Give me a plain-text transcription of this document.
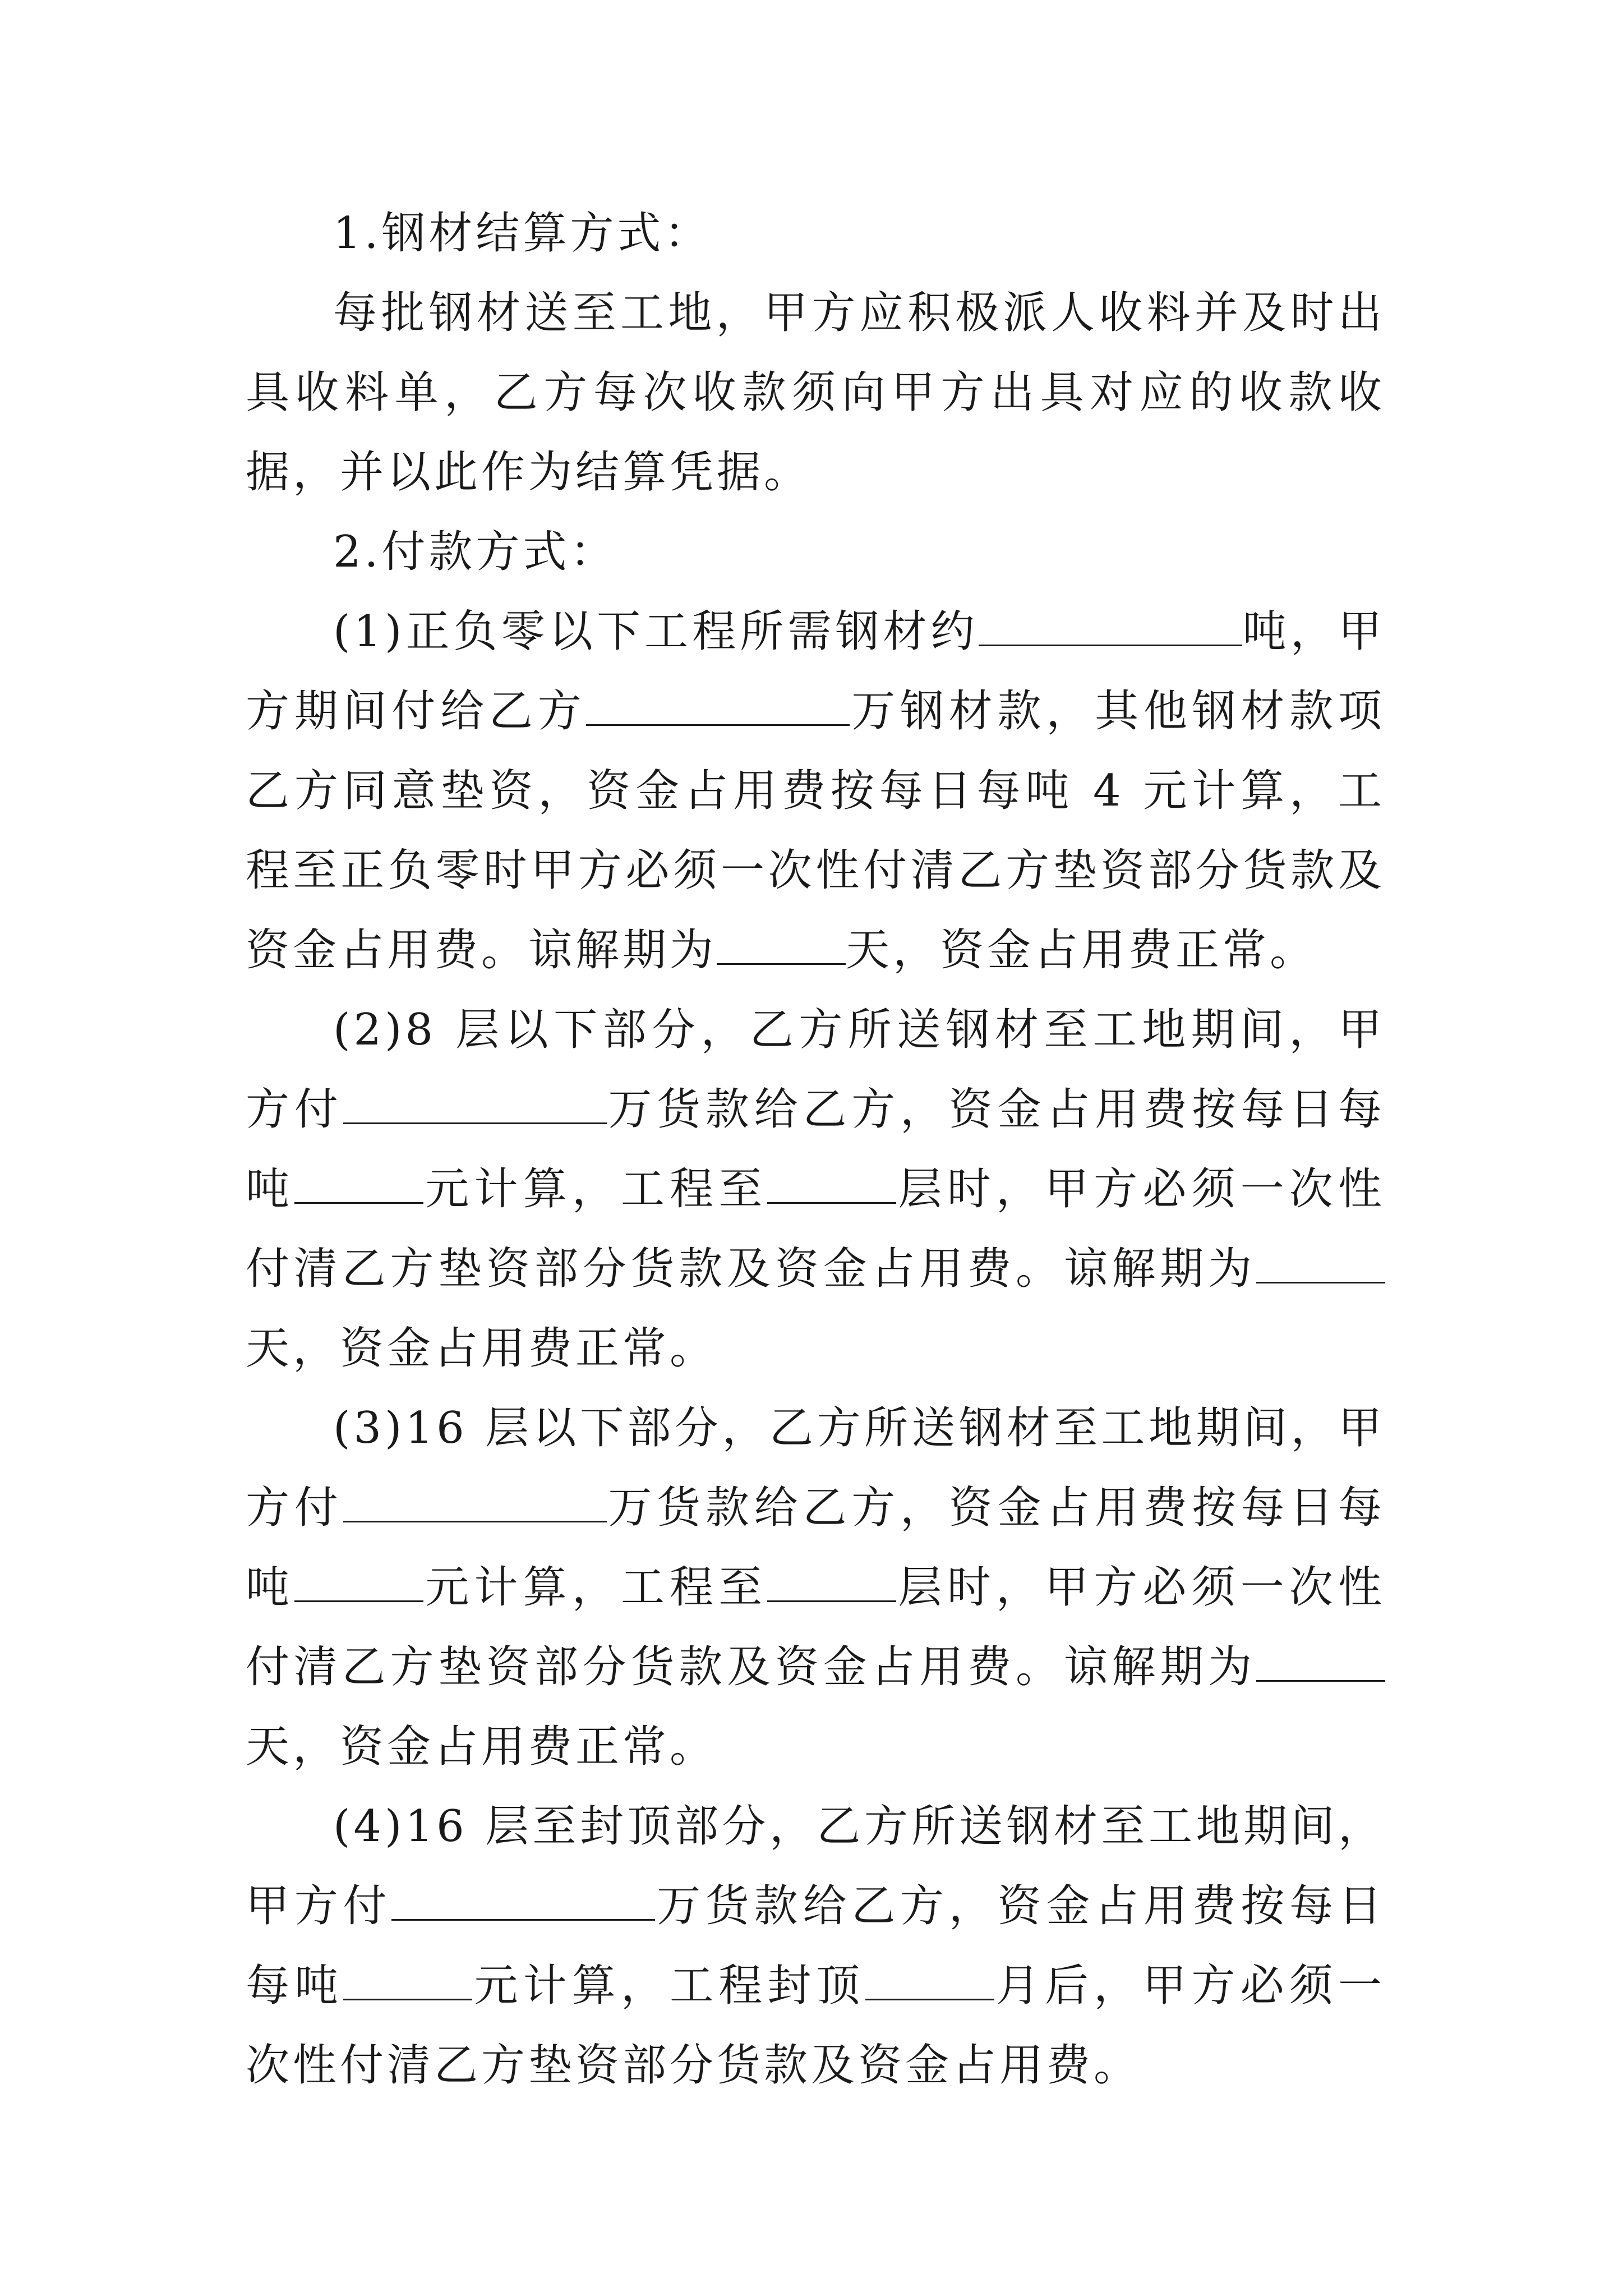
1.钢材结算方式：

每批钢材送至工地，甲方应积极派人收料并及时出具收料单，乙方每次收款须向甲方出具对应的收款收据，并以此作为结算凭据。

2.付款方式：

(1)正负零以下工程所需钢材约	吨，甲方期间付给乙方	万钢材款，其他钢材款项乙方同意垫资，资金占用费按每日每吨 4 元计算，工程至正负零时甲方必须一次性付清乙方垫资部分货款及资金占用费。谅解期为	天，资金占用费正常。

(2)8 层以下部分，乙方所送钢材至工地期间，甲方付	万货款给乙方，资金占用费按每日每吨	元计算，工程至	层时，甲方必须一次性付清乙方垫资部分货款及资金占用费。谅解期为天，资金占用费正常。

(3)16 层以下部分，乙方所送钢材至工地期间，甲方付	万货款给乙方，资金占用费按每日每吨	元计算，工程至	层时，甲方必须一次性付清乙方垫资部分货款及资金占用费。谅解期为天，资金占用费正常。

(4)16 层至封顶部分，乙方所送钢材至工地期间，甲方付	万货款给乙方，资金占用费按每日每吨	元计算，工程封顶	月后，甲方必须一次性付清乙方垫资部分货款及资金占用费。
